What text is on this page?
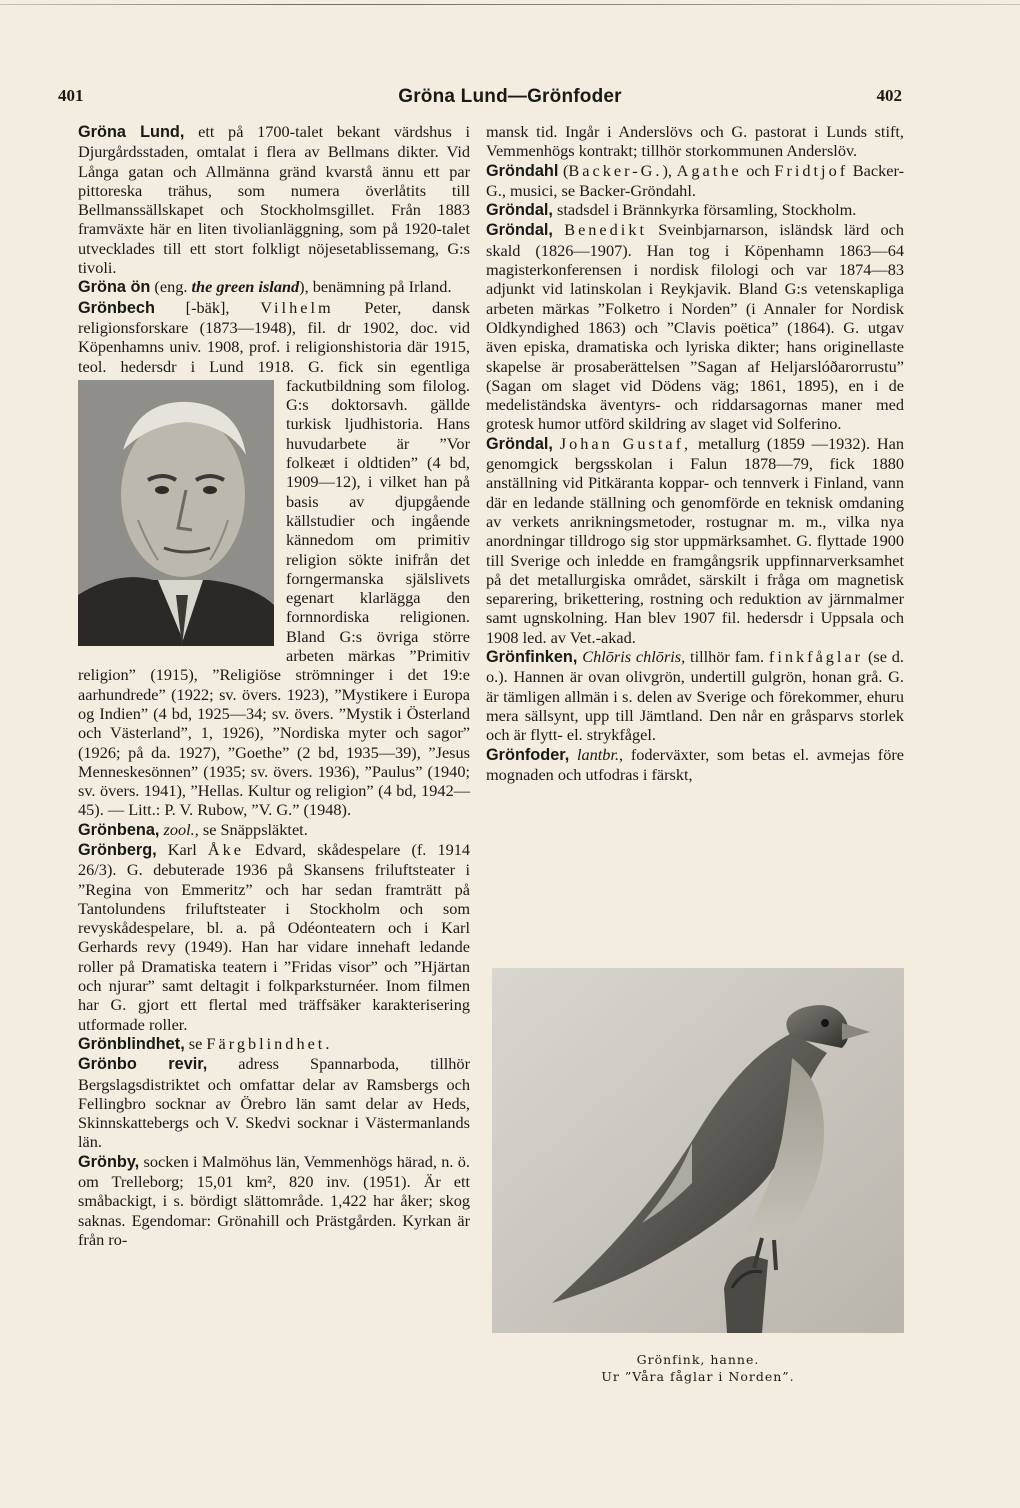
401	Gröna Lund—Grönfoder	402

Gröna Lund, ett på 1700-talet bekant värdshus i Djurgårdsstaden, omtalat i flera av Bellmans dikter. Vid Långa gatan och Allmänna gränd kvarstå ännu ett par pittoreska trähus, som numera överlåtits till Bellmanssällskapet och Stockholmsgillet. Från 1883 framväxte här en liten tivolianläggning, som på 1920-talet utvecklades till ett stort folkligt nöjesetablissemang, G:s tivoli.

Gröna ön (eng. the green island), benämning på Irland.

Grönbech [-bäk], Vilhelm Peter, dansk religionsforskare (1873—1948), fil. dr 1902, doc. vid Köpenhamns univ. 1908, prof. i religionshistoria där 1915, teol. hedersdr i Lund 1918. G. fick sin egentliga fackutbildning som filolog.
G:s doktorsavh. gällde turkisk ljudhistoria. Hans huvudarbete är ”Vor folkeæt i oldtiden” (4 bd, 1909—12), i vilket han på basis av djupgående källstudier och ingående kännedom om primitiv religion sökte inifrån det forngermanska själslivets egenart klarlägga den fornnordiska religionen. Bland G:s övriga större arbeten märkas ”Primitiv religion” (1915), ”Religiöse strömninger i det 19:e aarhundrede” (1922; sv. övers. 1923), ”Mystikere i Europa og Indien” (4 bd, 1925—34; sv. övers. ”Mystik i Österland och Västerland”, 1, 1926), ”Nordiska myter och sagor” (1926; på da. 1927), ”Goethe” (2 bd, 1935—39), ”Jesus Menneskesönnen” (1935; sv. övers. 1936), ”Paulus” (1940; sv. övers. 1941), ”Hellas. Kultur og religion” (4 bd, 1942—45). — Litt.: P. V. Rubow, ”V. G.” (1948).

Grönbena, zool., se Snäppsläktet.

Grönberg, Karl Åke Edvard, skådespelare (f. 1914 26/3). G. debuterade 1936 på Skansens friluftsteater i ”Regina von Emmeritz” och har sedan framträtt på Tantolundens friluftsteater i Stockholm och som revyskådespelare, bl. a. på Odéonteatern och i Karl Gerhards revy (1949). Han har vidare innehaft ledande roller på Dramatiska teatern i ”Fridas visor” och ”Hjärtan och njurar” samt deltagit i folkparksturnéer. Inom filmen har G. gjort ett flertal med träffsäker karakterisering utformade roller.

Grönblindhet, se Färgblindhet.

Grönbo revir, adress Spannarboda, tillhör Bergslagsdistriktet och omfattar delar av Ramsbergs och Fellingbro socknar av Örebro län samt delar av Heds, Skinnskattebergs och V. Skedvi socknar i Västermanlands län.

Grönby, socken i Malmöhus län, Vemmenhögs härad, n. ö. om Trelleborg; 15,01 km², 820 inv. (1951). Är ett småbackigt, i s. bördigt slättområde. 1,422 har åker; skog saknas. Egendomar: Grönahill och Prästgården. Kyrkan är från ro-

mansk tid. Ingår i Anderslövs och G. pastorat i Lunds stift, Vemmenhögs kontrakt; tillhör storkommunen Anderslöv.

Gröndahl (Backer-G.), Agathe och Fridtjof Backer-G., musici, se Backer-Gröndahl.

Gröndal, stadsdel i Brännkyrka församling, Stockholm.

Gröndal, Benedikt Sveinbjarnarson, isländsk lärd och skald (1826—1907). Han tog i Köpenhamn 1863—64 magisterkonferensen i nordisk filologi och var 1874—83 adjunkt vid latinskolan i Reykjavik. Bland G:s vetenskapliga arbeten märkas ”Folketro i Norden” (i Annaler for Nordisk Oldkyndighed 1863) och ”Clavis poëtica” (1864). G. utgav även episka, dramatiska och lyriska dikter; hans originellaste skapelse är prosaberättelsen ”Sagan af Heljarslóðarorrustu” (Sagan om slaget vid Dödens väg; 1861, 1895), en i de medeliständska äventyrs- och riddarsagornas maner med grotesk humor utförd skildring av slaget vid Solferino.

Gröndal, Johan Gustaf, metallurg (1859 —1932). Han genomgick bergsskolan i Falun 1878—79, fick 1880 anställning vid Pitkäranta koppar- och tennverk i Finland, vann där en ledande ställning och genomförde en teknisk omdaning av verkets anrikningsmetoder, rostugnar m. m., vilka nya anordningar tilldrogo sig stor uppmärksamhet. G. flyttade 1900 till Sverige och inledde en framgångsrik uppfinnarverksamhet på det metallurgiska området, särskilt i fråga om magnetisk separering, brikettering, rostning och reduktion av järnmalmer samt ugnskolning. Han blev 1907 fil. hedersdr i Uppsala och 1908 led. av Vet.-akad.

Grönfinken, Chlōris chlōris, tillhör fam. finkfåglar (se d. o.). Hannen är ovan olivgrön, undertill gulgrön, honan grå. G. är tämligen allmän i s. delen av Sverige och förekommer, ehuru mera sällsynt, upp till Jämtland. Den når en gråsparvs storlek och är flytt- el. strykfågel.

Grönfoder, lantbr., foderväxter, som betas el. avmejas före mognaden och utfodras i färskt,

Grönfink, hanne.
Ur ”Våra fåglar i Norden”.
